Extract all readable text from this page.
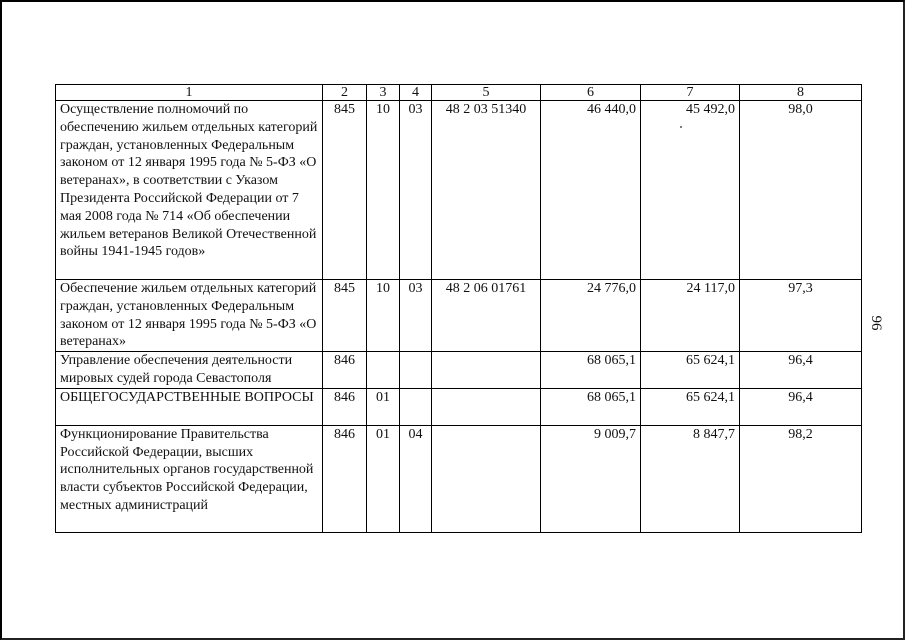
1	2	3	4	5	6	7	8
Осуществление полномочий по обеспечению жильем отдельных категорий граждан, установленных Федеральным законом от 12 января 1995 года № 5-ФЗ «О ветеранах», в соответствии с Указом Президента Российской Федерации от 7 мая 2008 года № 714 «Об обеспечении жильем ветеранов Великой Отечественной войны 1941-1945 годов»	845	10	03	48 2 03 51340	46 440,0	45 492,0	98,0
Обеспечение жильем отдельных категорий граждан, установленных Федеральным законом от 12 января 1995 года № 5-ФЗ «О ветеранах»	845	10	03	48 2 06 01761	24 776,0	24 117,0	97,3
Управление обеспечения деятельности мировых судей города Севастополя	846				68 065,1	65 624,1	96,4
ОБЩЕГОСУДАРСТВЕННЫЕ ВОПРОСЫ	846	01			68 065,1	65 624,1	96,4
Функционирование Правительства Российской Федерации, высших исполнительных органов государственной власти субъектов Российской Федерации, местных администраций	846	01	04		9 009,7	8 847,7	98,2
96
